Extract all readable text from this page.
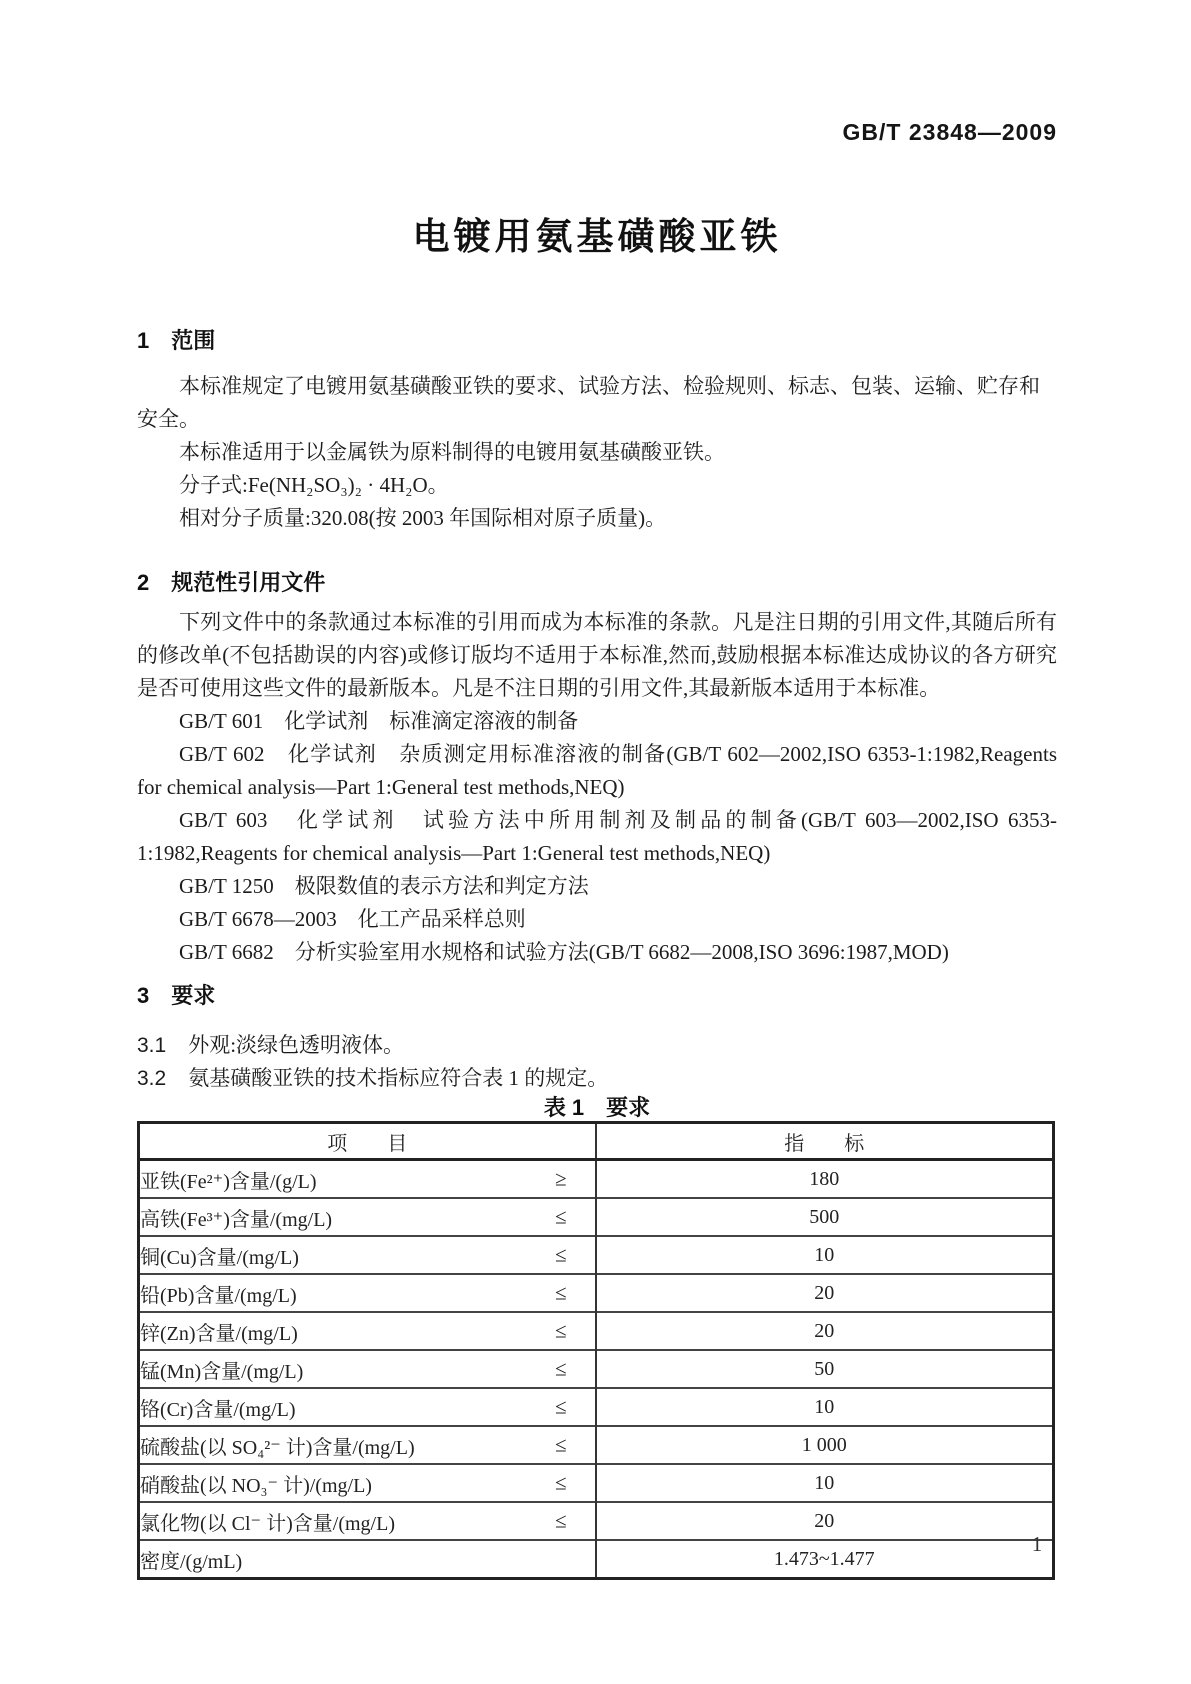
GB/T 23848—2009
电镀用氨基磺酸亚铁
1 范围

本标准规定了电镀用氨基磺酸亚铁的要求、试验方法、检验规则、标志、包装、运输、贮存和安全。

本标准适用于以金属铁为原料制得的电镀用氨基磺酸亚铁。

分子式:Fe(NH₂SO₃)₂ · 4H₂O。

相对分子质量:320.08(按 2003 年国际相对原子质量)。

2 规范性引用文件

下列文件中的条款通过本标准的引用而成为本标准的条款。凡是注日期的引用文件,其随后所有的修改单(不包括勘误的内容)或修订版均不适用于本标准,然而,鼓励根据本标准达成协议的各方研究是否可使用这些文件的最新版本。凡是不注日期的引用文件,其最新版本适用于本标准。

GB/T 601　化学试剂　标准滴定溶液的制备

GB/T 602　化学试剂　杂质测定用标准溶液的制备(GB/T 602—2002,ISO 6353-1:1982,Reagents for chemical analysis—Part 1:General test methods,NEQ)

GB/T 603　化学试剂　试验方法中所用制剂及制品的制备(GB/T 603—2002,ISO 6353-1:1982,Reagents for chemical analysis—Part 1:General test methods,NEQ)

GB/T 1250　极限数值的表示方法和判定方法

GB/T 6678—2003　化工产品采样总则

GB/T 6682　分析实验室用水规格和试验方法(GB/T 6682—2008,ISO 3696:1987,MOD)

3 要求

3.1 外观:淡绿色透明液体。

3.2 氨基磺酸亚铁的技术指标应符合表 1 的规定。

表 1　要求
项　　目	指　　标
亚铁(Fe²⁺)含量/(g/L) ≥	180
高铁(Fe³⁺)含量/(mg/L) ≤	500
铜(Cu)含量/(mg/L) ≤	10
铅(Pb)含量/(mg/L) ≤	20
锌(Zn)含量/(mg/L) ≤	20
锰(Mn)含量/(mg/L) ≤	50
铬(Cr)含量/(mg/L) ≤	10
硫酸盐(以 SO₄²⁻ 计)含量/(mg/L) ≤	1 000
硝酸盐(以 NO₃⁻ 计)/(mg/L) ≤	10
氯化物(以 Cl⁻ 计)含量/(mg/L) ≤	20
密度/(g/mL)	1.473~1.477
1
